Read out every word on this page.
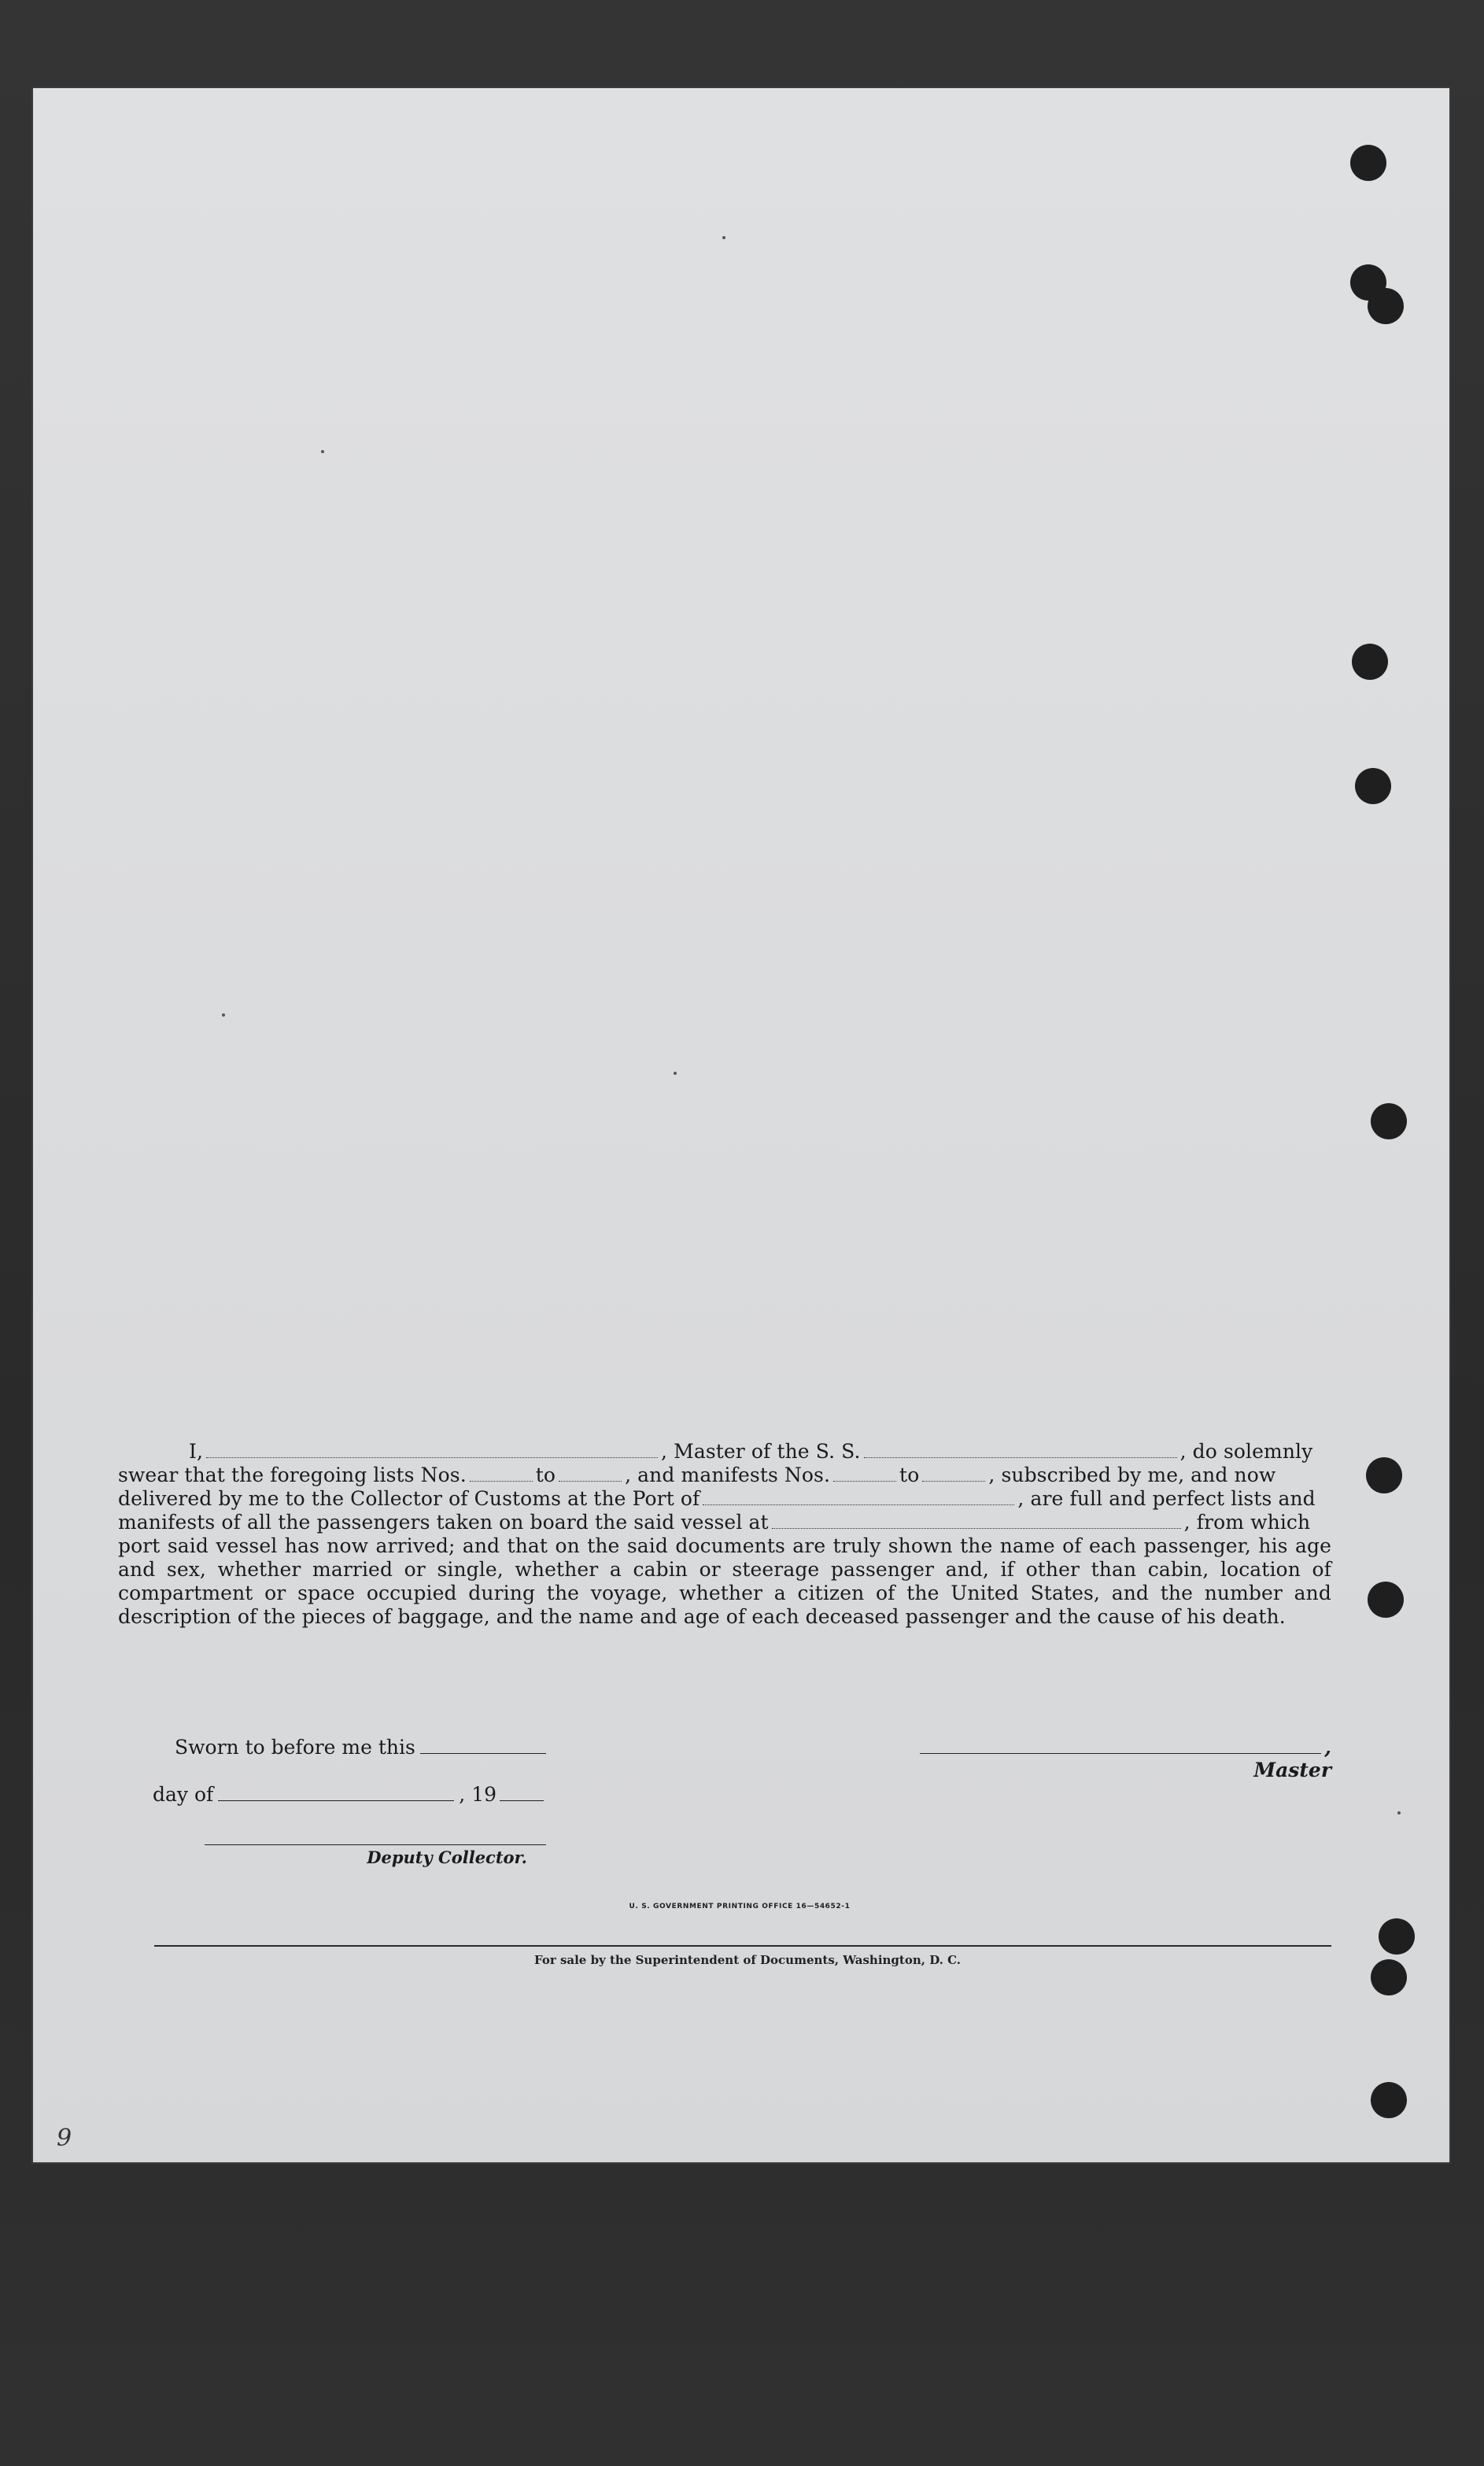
I,	, Master of the S. S.	, do solemnly
swear that the foregoing lists Nos.	to	, and manifests Nos.	to	, subscribed by me, and now
delivered by me to the Collector of Customs at the Port of	, are full and perfect lists and
manifests of all the passengers taken on board the said vessel at	, from which
port said vessel has now arrived; and that on the said documents are truly shown the name of each passenger, his age and sex, whether married or single, whether a cabin or steerage passenger and, if other than cabin, location of compartment or space occupied during the voyage, whether a citizen of the United States, and the number and description of the pieces of baggage, and the name and age of each deceased passenger and the cause of his death.
Sworn to before me this	, Master
day of	, 19
Deputy Collector.
U. S. GOVERNMENT PRINTING OFFICE 16—54652-1
For sale by the Superintendent of Documents, Washington, D. C.
9
